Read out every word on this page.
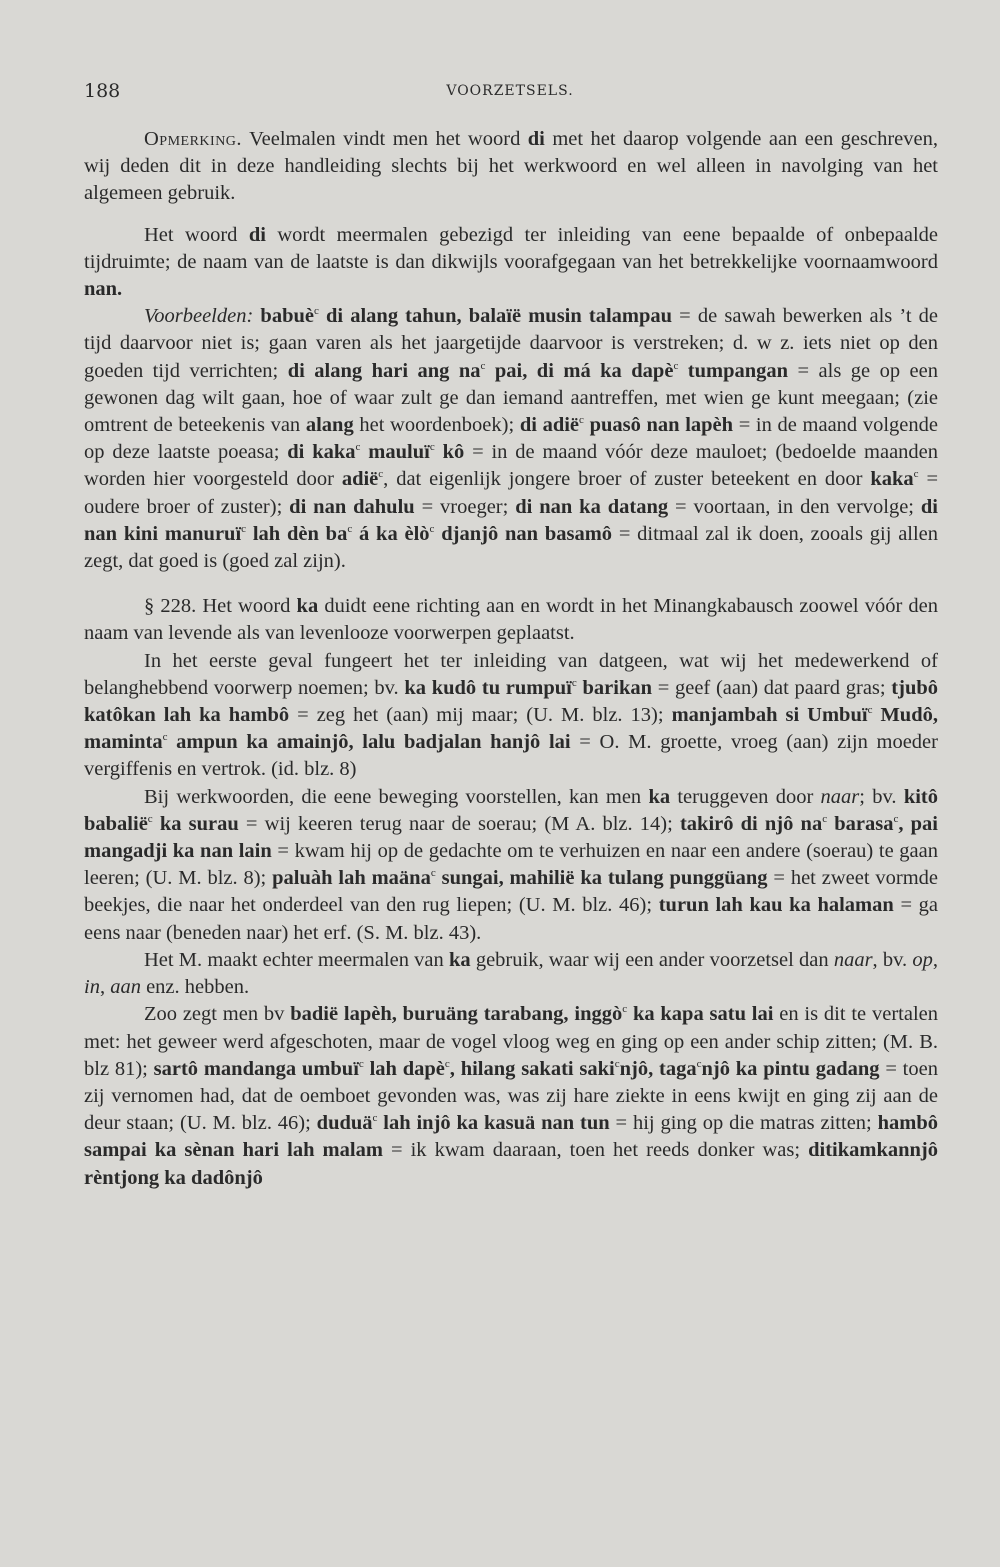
188	VOORZETSELS.

Opmerking. Veelmalen vindt men het woord di met het daarop volgende aan een geschreven, wij deden dit in deze handleiding slechts bij het werkwoord en wel alleen in navolging van het algemeen gebruik.

Het woord di wordt meermalen gebezigd ter inleiding van eene bepaalde of onbepaalde tijdruimte; de naam van de laatste is dan dikwijls voorafgegaan van het betrekkelijke voornaamwoord nan.

Voorbeelden: babuè$^c$ di alang tahun, balaïë musin talampau = de sawah bewerken als ’t de tijd daarvoor niet is; gaan varen als het jaargetijde daarvoor is verstreken; d. w z. iets niet op den goeden tijd verrichten; di alang hari ang $na^c$ pai, di má ka dapè$^c$ tumpangan = als ge op een gewonen dag wilt gaan, hoe of waar zult ge dan iemand aantreffen, met wien ge kunt meegaan; (zie omtrent de beteekenis van alang het woordenboek); di adië$^c$ puasô nan lapèh = in de maand volgende op deze laatste poeasa; di kaka$^c$ mauluï$^c$ kô = in de maand vóór deze mauloet; (bedoelde maanden worden hier voorgesteld door adië$^c$, dat eigenlijk jongere broer of zuster beteekent en door kaka$^c$ = oudere broer of zuster); di nan dahulu = vroeger; di nan ka datang = voortaan, in den vervolge; di nan kini manuruï$^c$ lah dèn $ba^c$ á ka èlò$^c$ djanjô nan basamô = ditmaal zal ik doen, zooals gij allen zegt, dat goed is (goed zal zijn).

§ 228. Het woord ka duidt eene richting aan en wordt in het Minangkabausch zoowel vóór den naam van levende als van levenlooze voorwerpen geplaatst.

In het eerste geval fungeert het ter inleiding van datgeen, wat wij het medewerkend of belanghebbend voorwerp noemen; bv. ka kudô tu rumpuï$^c$ barikan = geef (aan) dat paard gras; tjubô katôkan lah ka hambô = zeg het (aan) mij maar; (U. M. blz. 13); manjambah si Umbuï$^c$ Mudô, maminta$^c$ ampun ka amainjô, lalu badjalan hanjô lai = O. M. groette, vroeg (aan) zijn moeder vergiffenis en vertrok. (id. blz. 8)

Bij werkwoorden, die eene beweging voorstellen, kan men ka teruggeven door naar; bv. kitô babalië$^c$ ka surau = wij keeren terug naar de soerau; (M A. blz. 14); takirô di njô $na^c$ barasa$^c$, pai mangadji ka nan lain = kwam hij op de gedachte om te verhuizen en naar een andere (soerau) te gaan leeren; (U. M. blz. 8); paluàh lah maäna$^c$ sungai, mahilië ka tulang punggüang = het zweet vormde beekjes, die naar het onderdeel van den rug liepen; (U. M. blz. 46); turun lah kau ka halaman = ga eens naar (beneden naar) het erf. (S. M. blz. 43).

Het M. maakt echter meermalen van ka gebruik, waar wij een ander voorzetsel dan naar, bv. op, in, aan enz. hebben.

Zoo zegt men bv badië lapèh, buruäng tarabang, inggò$^c$ ka kapa satu lai en is dit te vertalen met: het geweer werd afgeschoten, maar de vogel vloog weg en ging op een ander schip zitten; (M. B. blz 81); sartô mandanga umbuï$^c$ lah dapè$^c$, hilang sakati saki$^c$njô, taga$^c$njô ka pintu gadang = toen zij vernomen had, dat de oemboet gevonden was, was zij hare ziekte in eens kwijt en ging zij aan de deur staan; (U. M. blz. 46); duduä$^c$ lah injô ka kasuä nan tun = hij ging op die matras zitten; hambô sampai ka sènan hari lah malam = ik kwam daaraan, toen het reeds donker was; ditikamkannjô rèntjong ka dadônjô
